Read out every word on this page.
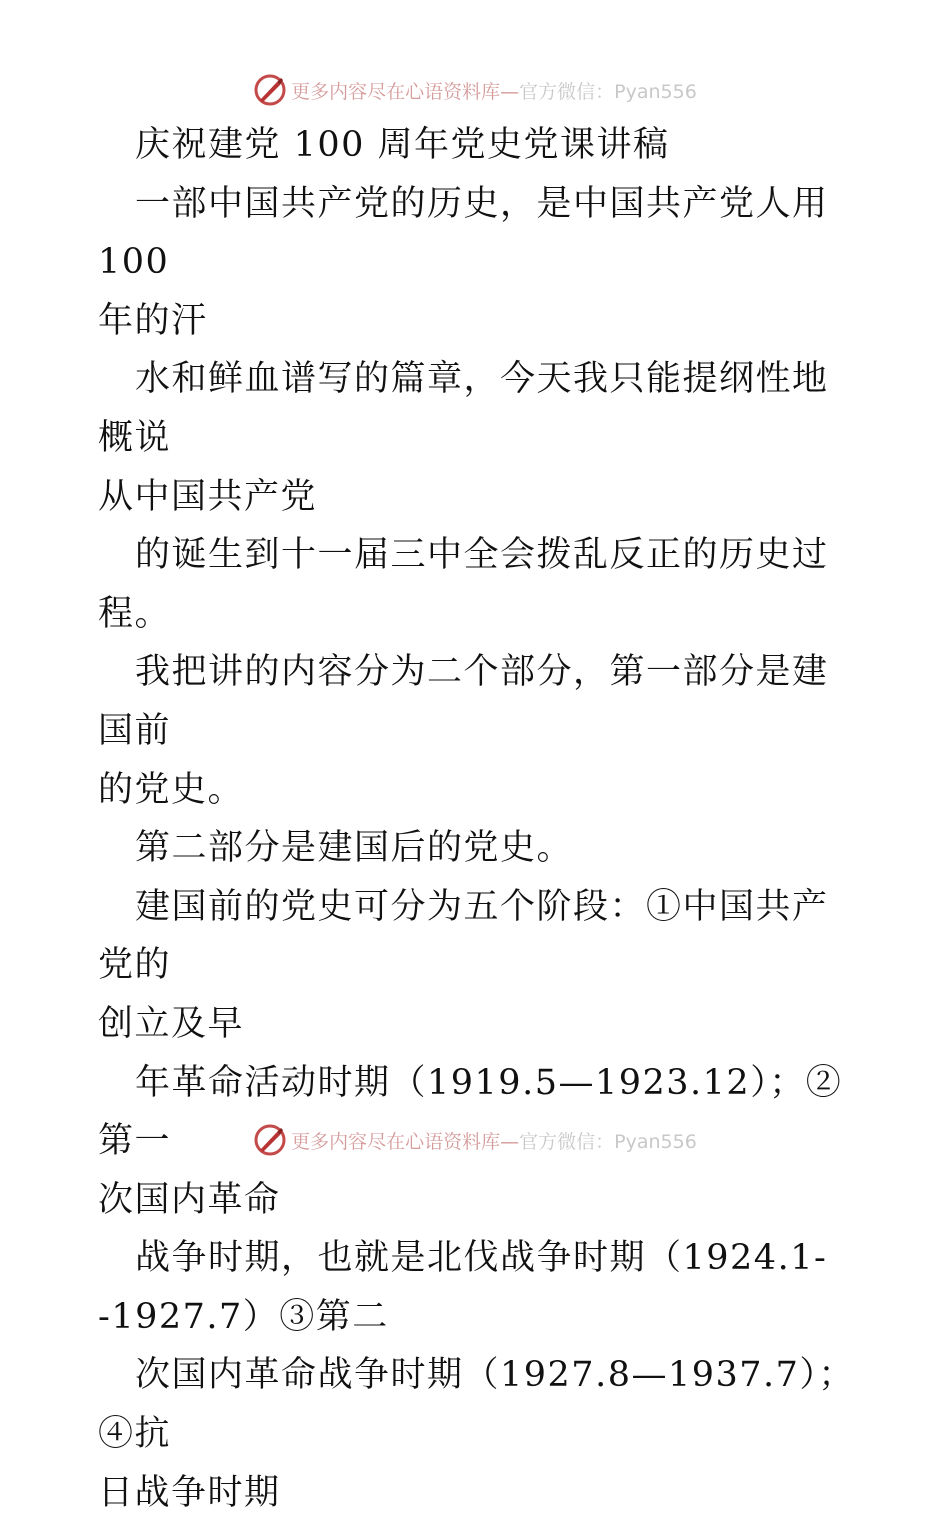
更多内容尽在心语资料库—官方微信：Pyan556

庆祝建党 100 周年党史党课讲稿

一部中国共产党的历史，是中国共产党人用 100

年的汗

水和鲜血谱写的篇章，今天我只能提纲性地概说

从中国共产党

的诞生到十一届三中全会拨乱反正的历史过程。

我把讲的内容分为二个部分，第一部分是建国前

的党史。

第二部分是建国后的党史。

建国前的党史可分为五个阶段：①中国共产党的

创立及早

年革命活动时期（1919.5—1923.12）；②第一

次国内革命

战争时期，也就是北伐战争时期（1924.1-

-1927.7）③第二

次国内革命战争时期（1927.8—1937.7）；④抗

日战争时期

更多内容尽在心语资料库—官方微信：Pyan556
